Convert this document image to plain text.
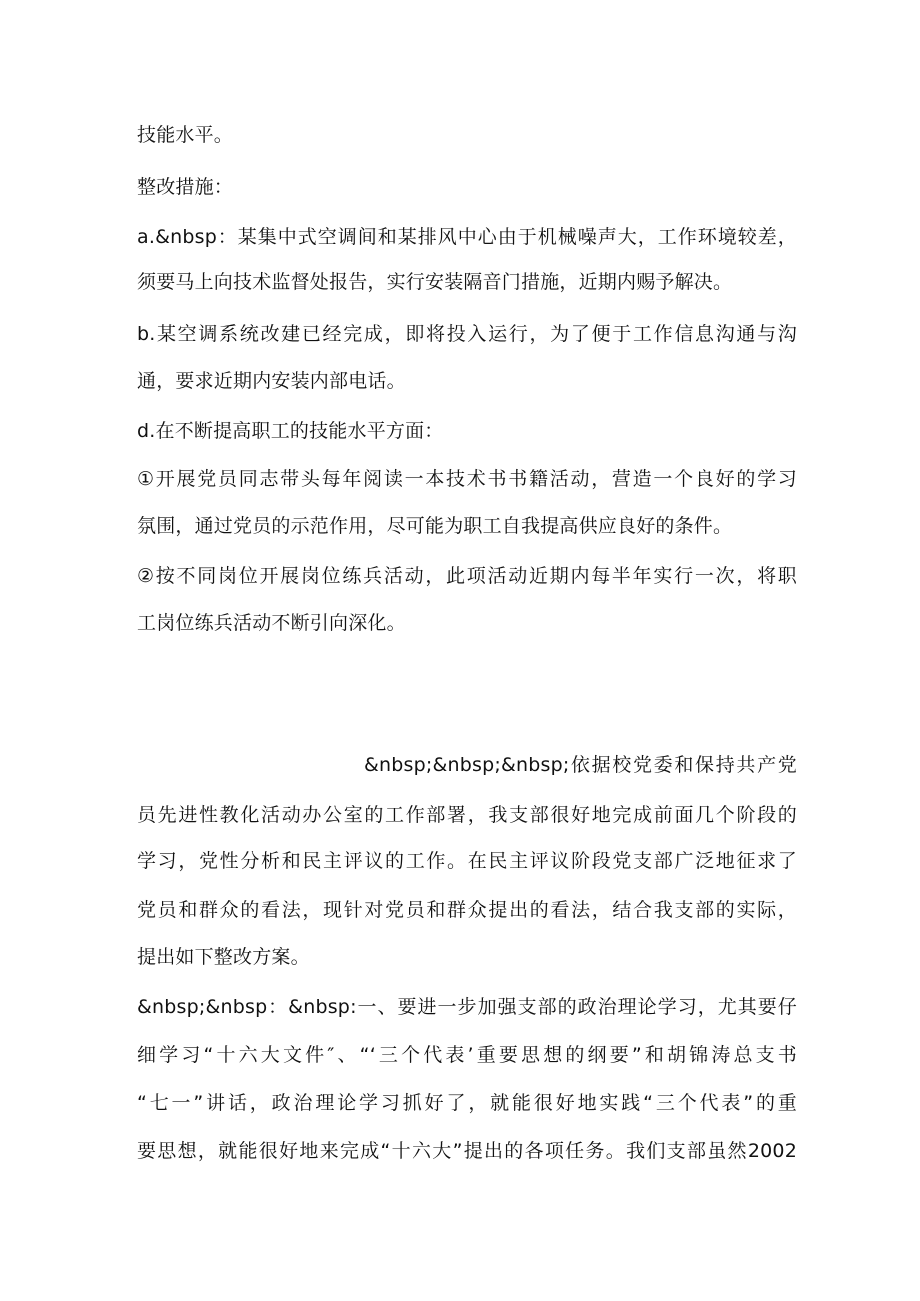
技能水平。
整改措施：
a.&nbsp：某集中式空调间和某排风中心由于机械噪声大，工作环境较差，
须要马上向技术监督处报告，实行安装隔音门措施，近期内赐予解决。
b.某空调系统改建已经完成，即将投入运行，为了便于工作信息沟通与沟
通，要求近期内安装内部电话。
d.在不断提高职工的技能水平方面：
①开展党员同志带头每年阅读一本技术书书籍活动，营造一个良好的学习
氛围，通过党员的示范作用，尽可能为职工自我提高供应良好的条件。
②按不同岗位开展岗位练兵活动，此项活动近期内每半年实行一次，将职
工岗位练兵活动不断引向深化。
&nbsp;&nbsp;&nbsp;依据校党委和保持共产党
员先进性教化活动办公室的工作部署，我支部很好地完成前面几个阶段的
学习，党性分析和民主评议的工作。在民主评议阶段党支部广泛地征求了
党员和群众的看法，现针对党员和群众提出的看法，结合我支部的实际，
提出如下整改方案。
&nbsp;&nbsp：&nbsp:一、要进一步加强支部的政治理论学习，尤其要仔
细学习“十六大文件″、“‘三个代表’重要思想的纲要”和胡锦涛总支书
“七一”讲话，政治理论学习抓好了，就能很好地实践“三个代表”的重
要思想，就能很好地来完成“十六大”提出的各项任务。我们支部虽然2002
